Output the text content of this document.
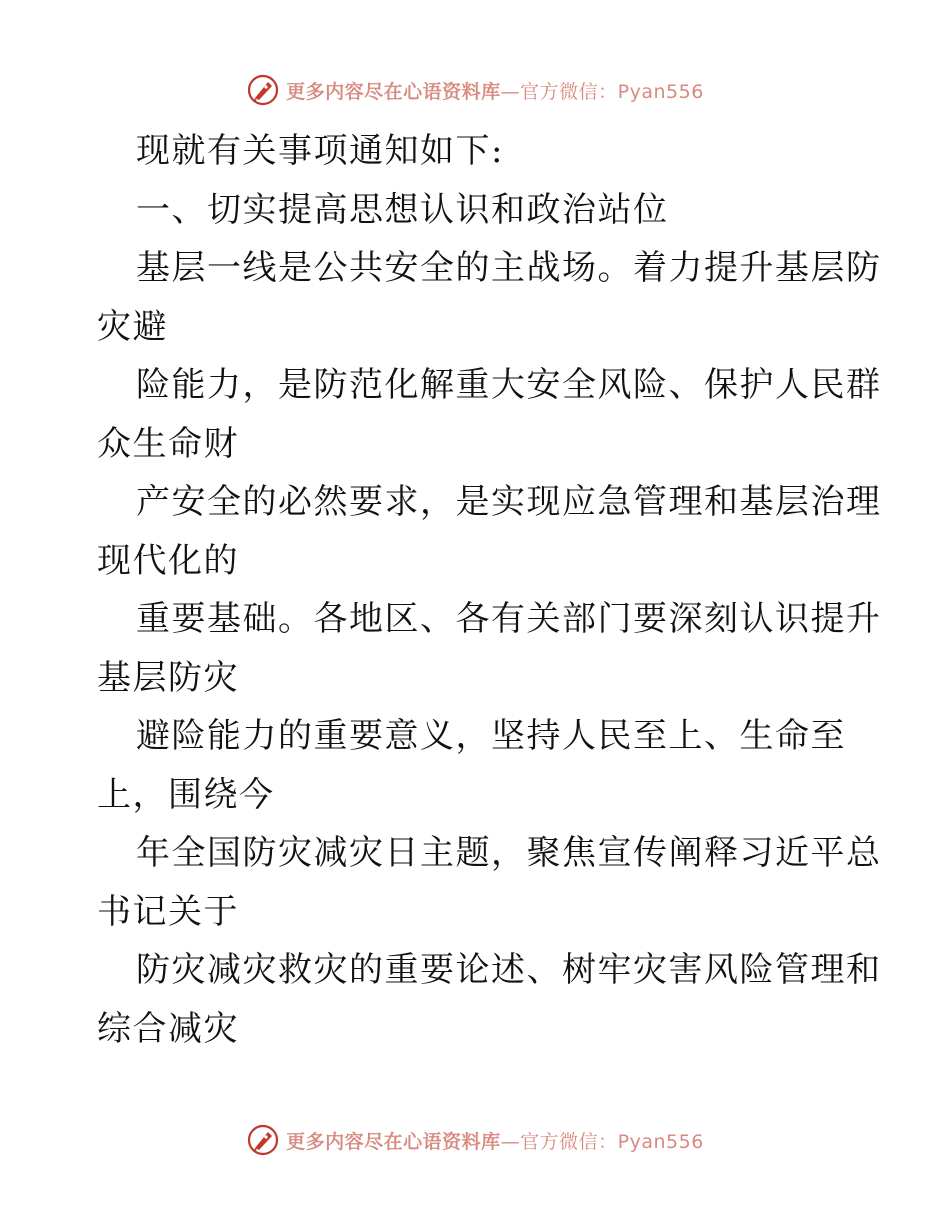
更多内容尽在心语资料库—官方微信：Pyan556
现就有关事项通知如下:
一、切实提高思想认识和政治站位
基层一线是公共安全的主战场。着力提升基层防
灾避
险能力，是防范化解重大安全风险、保护人民群
众生命财
产安全的必然要求，是实现应急管理和基层治理
现代化的
重要基础。各地区、各有关部门要深刻认识提升
基层防灾
避险能力的重要意义，坚持人民至上、生命至
上，围绕今
年全国防灾减灾日主题，聚焦宣传阐释习近平总
书记关于
防灾减灾救灾的重要论述、树牢灾害风险管理和
综合减灾
更多内容尽在心语资料库—官方微信：Pyan556
